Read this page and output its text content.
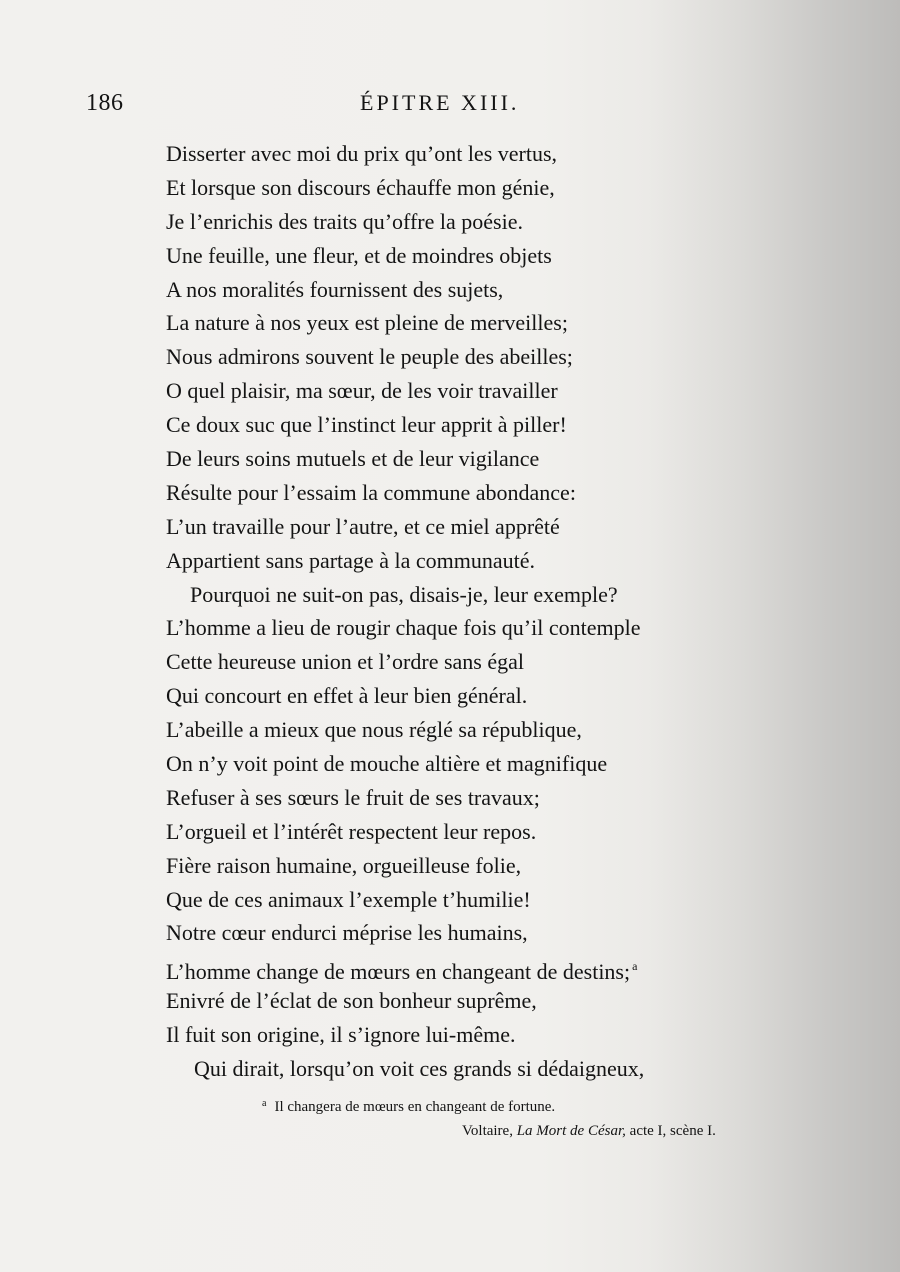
186	ÉPITRE XIII.
Disserter avec moi du prix qu’ont les vertus,
Et lorsque son discours échauffe mon génie,
Je l’enrichis des traits qu’offre la poésie.
Une feuille, une fleur, et de moindres objets
A nos moralités fournissent des sujets,
La nature à nos yeux est pleine de merveilles;
Nous admirons souvent le peuple des abeilles;
O quel plaisir, ma sœur, de les voir travailler
Ce doux suc que l’instinct leur apprit à piller!
De leurs soins mutuels et de leur vigilance
Résulte pour l’essaim la commune abondance:
L’un travaille pour l’autre, et ce miel apprêté
Appartient sans partage à la communauté.
Pourquoi ne suit-on pas, disais-je, leur exemple?
L’homme a lieu de rougir chaque fois qu’il contemple
Cette heureuse union et l’ordre sans égal
Qui concourt en effet à leur bien général.
L’abeille a mieux que nous réglé sa république,
On n’y voit point de mouche altière et magnifique
Refuser à ses sœurs le fruit de ses travaux;
L’orgueil et l’intérêt respectent leur repos.
Fière raison humaine, orgueilleuse folie,
Que de ces animaux l’exemple t’humilie!
Notre cœur endurci méprise les humains,
L’homme change de mœurs en changeant de destins; $^a$
Enivré de l’éclat de son bonheur suprême,
Il fuit son origine, il s’ignore lui-même.
Qui dirait, lorsqu’on voit ces grands si dédaigneux,
$^a$ Il changera de mœurs en changeant de fortune.
Voltaire, La Mort de César, acte I, scène I.
